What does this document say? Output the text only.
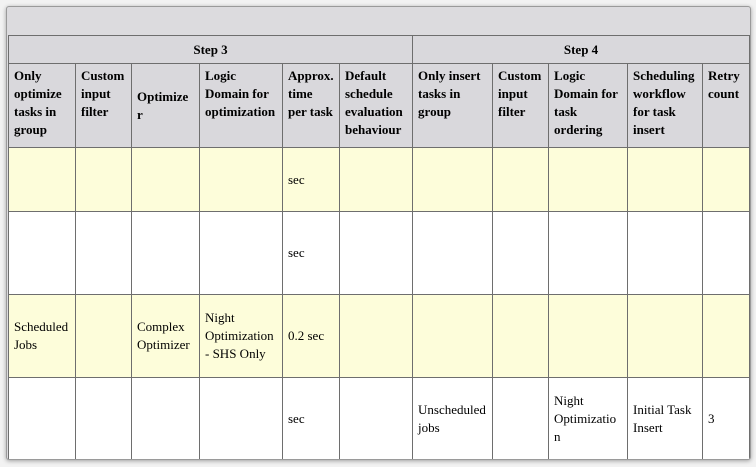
Step 3						Step 4				
Only optimize tasks in group	Custom input filter	Optimizer	Logic Domain for optimization	Approx. time per task	Default schedule evaluation behaviour	Only insert tasks in group	Custom input filter	Logic Domain for task ordering	Scheduling workflow for task insert	Retry count
				sec						
				sec						
Scheduled Jobs		Complex Optimizer	Night Optimization - SHS Only	0.2 sec						
				sec		Unscheduled jobs		Night Optimization	Initial Task Insert	3
